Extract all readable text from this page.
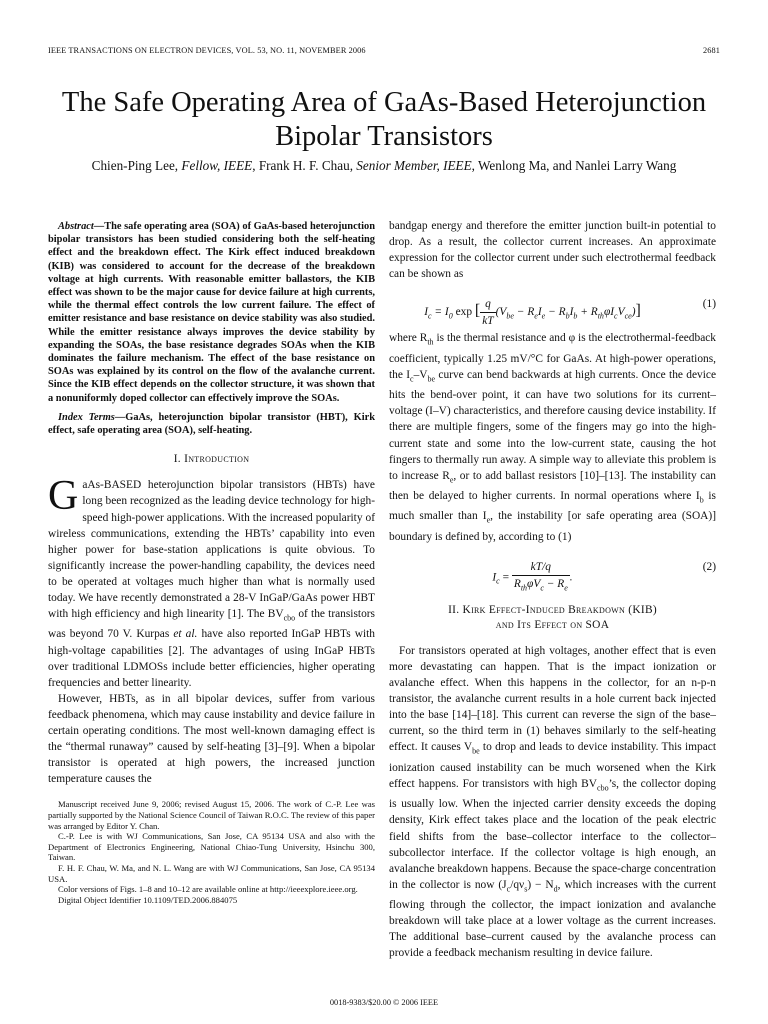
IEEE TRANSACTIONS ON ELECTRON DEVICES, VOL. 53, NO. 11, NOVEMBER 2006	2681
The Safe Operating Area of GaAs-Based Heterojunction Bipolar Transistors
Chien-Ping Lee, Fellow, IEEE, Frank H. F. Chau, Senior Member, IEEE, Wenlong Ma, and Nanlei Larry Wang

Abstract—The safe operating area (SOA) of GaAs-based heterojunction bipolar transistors has been studied considering both the self-heating effect and the breakdown effect. The Kirk effect induced breakdown (KIB) was considered to account for the decrease of the breakdown voltage at high currents. With reasonable emitter ballastors, the KIB effect was shown to be the major cause for device failure at high currents, while the thermal effect controls the low current failure. The effect of emitter resistance and base resistance on device stability was also studied. While the emitter resistance always improves the device stability by expanding the SOAs, the base resistance degrades SOAs when the KIB dominates the failure mechanism. The effect of the base resistance on SOAs was explained by its control on the flow of the avalanche current. Since the KIB effect depends on the collector structure, it was shown that a nonuniformly doped collector can effectively improve the SOAs.

Index Terms—GaAs, heterojunction bipolar transistor (HBT), Kirk effect, safe operating area (SOA), self-heating.

I. Introduction

GaAs-BASED heterojunction bipolar transistors (HBTs) have long been recognized as the leading device technology for high-speed high-power applications. With the increased popularity of wireless communications, extending the HBTs’ capability into even higher power for base-station applications is quite obvious. To significantly increase the power-handling capability, the devices need to be operated at voltages much higher than what is normally used today. We have recently demonstrated a 28-V InGaP/GaAs power HBT with high efficiency and high linearity [1]. The $BV_{cbo}$ of the transistors was beyond 70 V. Kurpas et al. have also reported InGaP HBTs with high-voltage capabilities [2]. The advantages of using InGaP HBTs over traditional LDMOSs include better efficiencies, higher operating frequencies and better linearity.

However, HBTs, as in all bipolar devices, suffer from various feedback phenomena, which may cause instability and device failure in certain operating conditions. The most well-known damaging effect is the “thermal runaway” caused by self-heating [3]–[9]. When a bipolar transistor is operated at high powers, the increased junction temperature causes the

Manuscript received June 9, 2006; revised August 15, 2006. The work of C.-P. Lee was partially supported by the National Science Council of Taiwan R.O.C. The review of this paper was arranged by Editor Y. Chan.

C.-P. Lee is with WJ Communications, San Jose, CA 95134 USA and also with the Department of Electronics Engineering, National Chiao-Tung University, Hsinchu 300, Taiwan.

F. H. F. Chau, W. Ma, and N. L. Wang are with WJ Communications, San Jose, CA 95134 USA.

Color versions of Figs. 1–8 and 10–12 are available online at http://ieeexplore.ieee.org.

Digital Object Identifier 10.1109/TED.2006.884075

bandgap energy and therefore the emitter junction built-in potential to drop. As a result, the collector current increases. An approximate expression for the collector current under such electrothermal feedback can be shown as

$I_c = I_0$ exp [ $\frac{q}{kT} (V_{be} - R_eI_e - R_bI_b + R_{th}\varphi I_cV_{ce})$]	(1)

where $R_{th}$ is the thermal resistance and φ is the electrothermal-feedback coefficient, typically 1.25 mV/°C for GaAs. At high-power operations, the $I_c-V_{be}$ curve can bend backwards at high currents. Once the device hits the bend-over point, it can have two solutions for its current–voltage (I–V) characteristics, and therefore causing device instability. If there are multiple fingers, some of the fingers may go into the high-current state and some into the low-current state, causing the hot fingers to thermally run away. A simple way to alleviate this problem is to increase $R_e$, or to add ballast resistors [10]–[13]. The instability can then be delayed to higher currents. In normal operations where $I_b$ is much smaller than $I_e$, the instability [or safe operating area (SOA)] boundary is defined by, according to (1)

$I_c = \frac{kT/q}{R_{th}\varphi V_c - R_e}$ .
(2)
II. Kirk Effect-Induced Breakdown (KIB)
and Its Effect on SOA

For transistors operated at high voltages, another effect that is even more devastating can happen. That is the impact ionization or avalanche effect. When this happens in the collector, for an n-p-n transistor, the avalanche current results in a hole current back injected into the base [14]–[18]. This current can reverse the sign of the base–current, so the third term in (1) behaves similarly to the self-heating effect. It causes $V_{be}$ to drop and leads to device instability. This impact ionization caused instability can be much worsened when the Kirk effect happens. For transistors with high $BV_{cbo}’s$, the collector doping is usually low. When the injected carrier density exceeds the doping density, Kirk effect takes place and the location of the peak electric field shifts from the base–collector interface to the collector–subcollector interface. If the collector voltage is high enough, an avalanche breakdown happens. Because the space-charge concentration in the collector is now $(J_c/q\nu_s) - N_d$, which increases with the current flowing through the collector, the impact ionization and avalanche breakdown will take place at a lower voltage as the current increases. The additional base–current caused by the avalanche process can provide a feedback mechanism resulting in device failure.

0018-9383/$20.00 © 2006 IEEE
